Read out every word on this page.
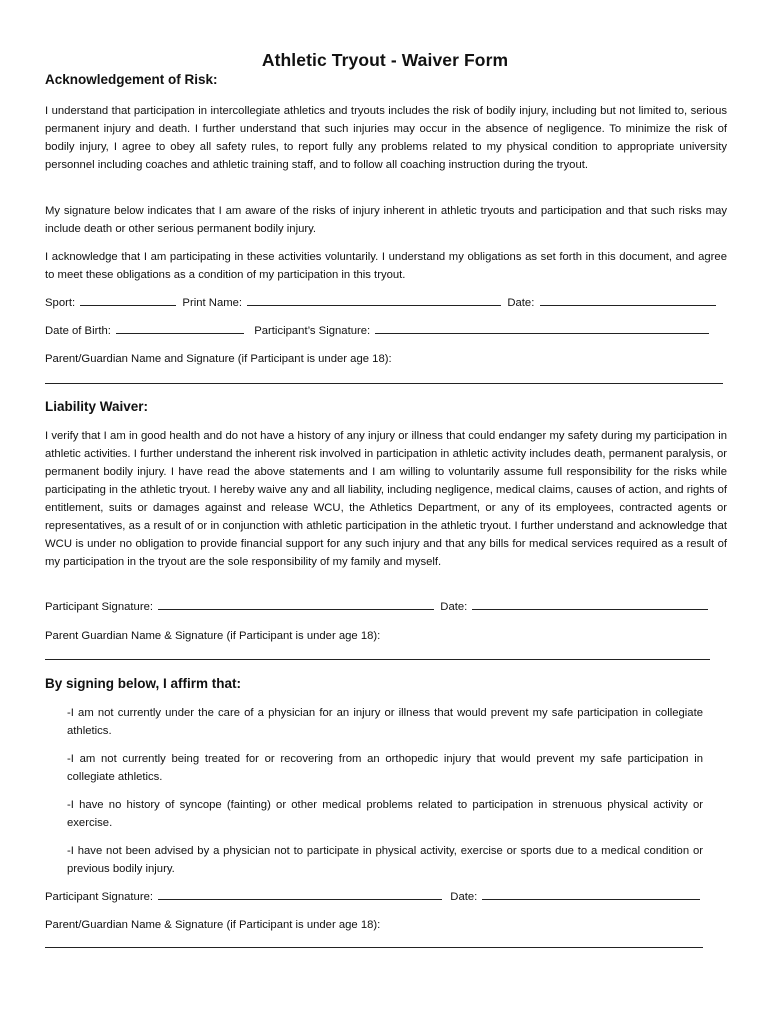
Athletic Tryout - Waiver Form
Acknowledgement of Risk:
I understand that participation in intercollegiate athletics and tryouts includes the risk of bodily injury, including but not limited to, serious permanent injury and death. I further understand that such injuries may occur in the absence of negligence. To minimize the risk of bodily injury, I agree to obey all safety rules, to report fully any problems related to my physical condition to appropriate university personnel including coaches and athletic training staff, and to follow all coaching instruction during the tryout.
My signature below indicates that I am aware of the risks of injury inherent in athletic tryouts and participation and that such risks may include death or other serious permanent bodily injury.
I acknowledge that I am participating in these activities voluntarily. I understand my obligations as set forth in this document, and agree to meet these obligations as a condition of my participation in this tryout.
Sport:	Print Name:	Date:
Date of Birth:	Participant’s Signature:
Parent/Guardian Name and Signature (if Participant is under age 18):
Liability Waiver:
I verify that I am in good health and do not have a history of any injury or illness that could endanger my safety during my participation in athletic activities. I further understand the inherent risk involved in participation in athletic activity includes death, permanent paralysis, or permanent bodily injury. I have read the above statements and I am willing to voluntarily assume full responsibility for the risks while participating in the athletic tryout. I hereby waive any and all liability, including negligence, medical claims, causes of action, and rights of entitlement, suits or damages against and release WCU, the Athletics Department, or any of its employees, contracted agents or representatives, as a result of or in conjunction with athletic participation in the athletic tryout. I further understand and acknowledge that WCU is under no obligation to provide financial support for any such injury and that any bills for medical services required as a result of my participation in the tryout are the sole responsibility of my family and myself.
Participant Signature:	Date:
Parent Guardian Name & Signature (if Participant is under age 18):
By signing below, I affirm that:
-I am not currently under the care of a physician for an injury or illness that would prevent my safe participation in collegiate athletics.
-I am not currently being treated for or recovering from an orthopedic injury that would prevent my safe participation in collegiate athletics.
-I have no history of syncope (fainting) or other medical problems related to participation in strenuous physical activity or exercise.
-I have not been advised by a physician not to participate in physical activity, exercise or sports due to a medical condition or previous bodily injury.
Participant Signature:	Date:
Parent/Guardian Name & Signature (if Participant is under age 18):
